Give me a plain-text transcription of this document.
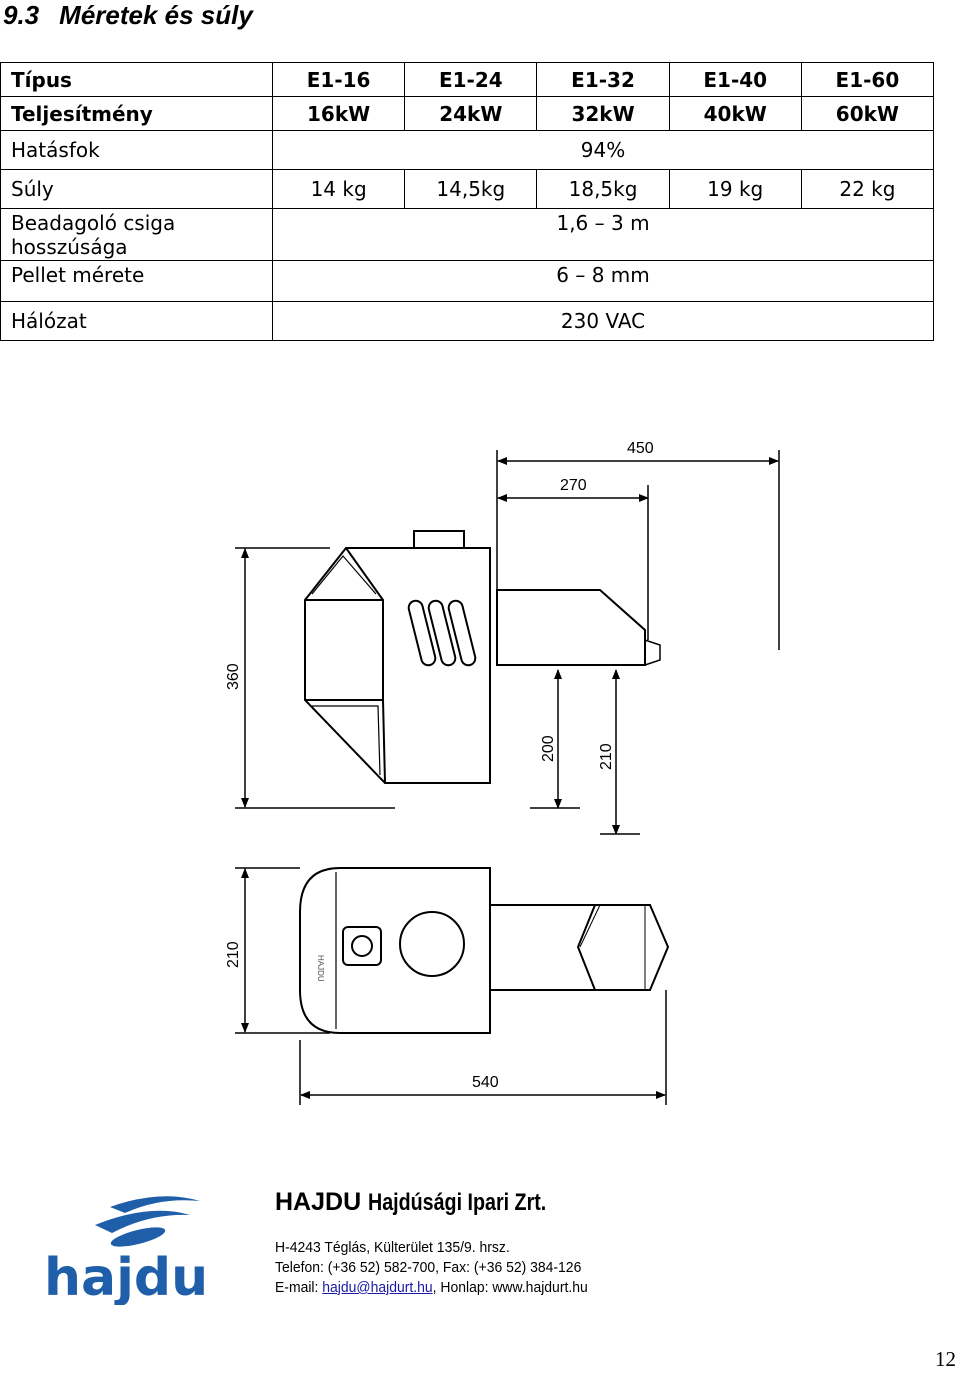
9.3 Méretek és súly
Típus	E1-16	E1-24	E1-32	E1-40	E1-60
Teljesítmény	16kW	24kW	32kW	40kW	60kW
Hatásfok	94%				
Súly	14 kg	14,5kg	18,5kg	19 kg	22 kg
Beadagoló csiga hosszúsága	1,6 – 3 m				
Pellet mérete	6 – 8 mm				
Hálózat	230 VAC				
450
270
360
200	210
HAJDU
210
540
hajdu
HAJDU Hajdúsági Ipari Zrt.
H-4243 Téglás, Külterület 135/9. hrsz.
Telefon: (+36 52) 582-700, Fax: (+36 52) 384-126
E-mail: hajdu@hajdurt.hu, Honlap: www.hajdurt.hu
12
